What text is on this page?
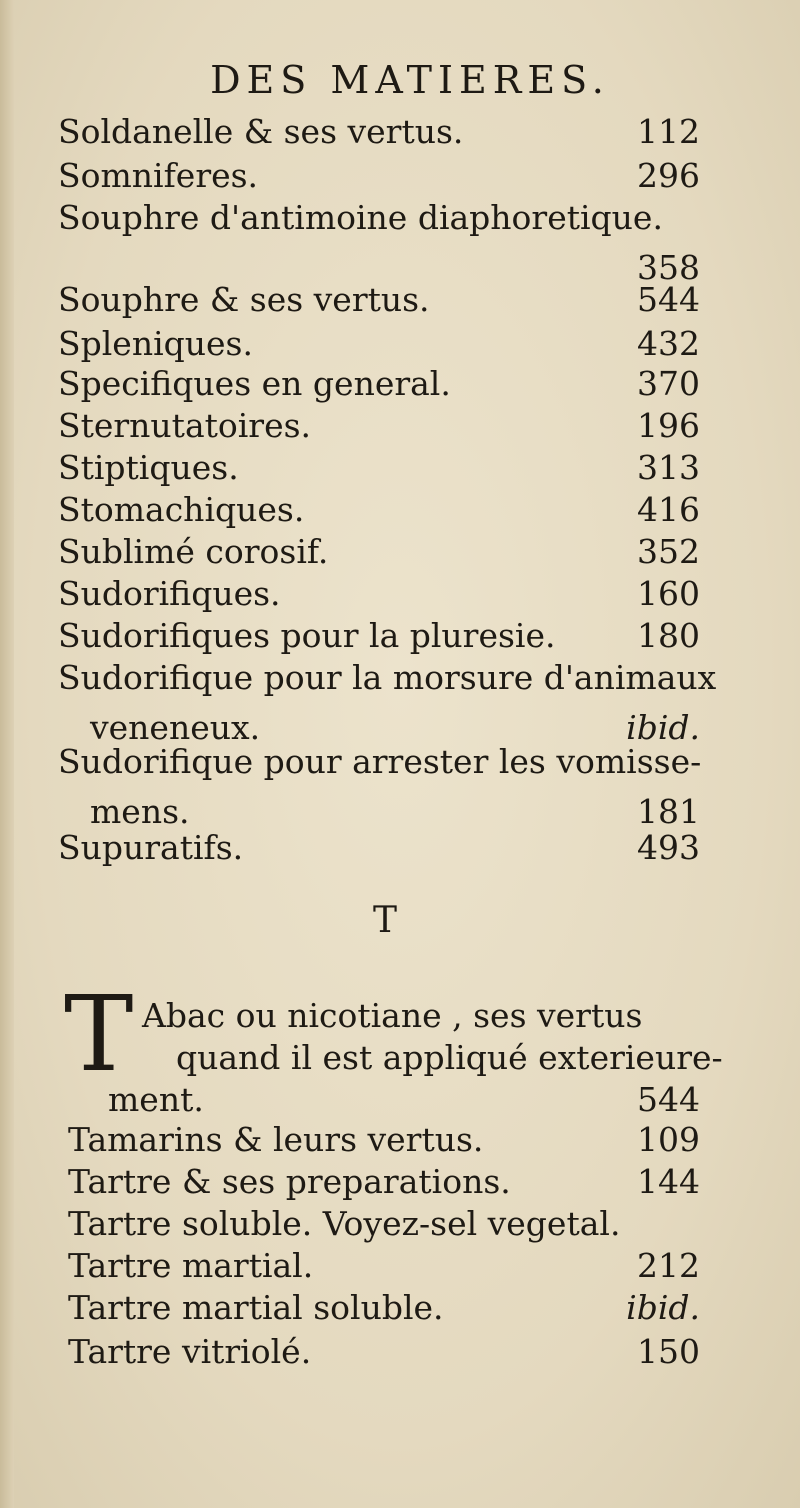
DES MATIERES.
Soldanelle & ses vertus.	112
Somniferes.	296
Souphre d'antimoine diaphoretique.
358
Souphre & ses vertus.	544
Spleniques.	432
Specifiques en general.	370
Sternutatoires.	196
Stiptiques.	313
Stomachiques.	416
Sublimé corosif.	352
Sudorifiques.	160
Sudorifiques pour la pluresie. 180
Sudorifique pour la morsure d'animaux
veneneux.	ibid.
Sudorifique pour arrester les vomisse-
mens.	181
Supuratifs.	493
T
T Abac ou nicotiane , ses vertus
quand il est appliqué exterieure-
ment.	544
Tamarins & leurs vertus.	109
Tartre & ses preparations.	144
Tartre soluble. Voyez-sel vegetal.
Tartre martial.	212
Tartre martial soluble.	ibid.
Tartre vitriolé.	150
